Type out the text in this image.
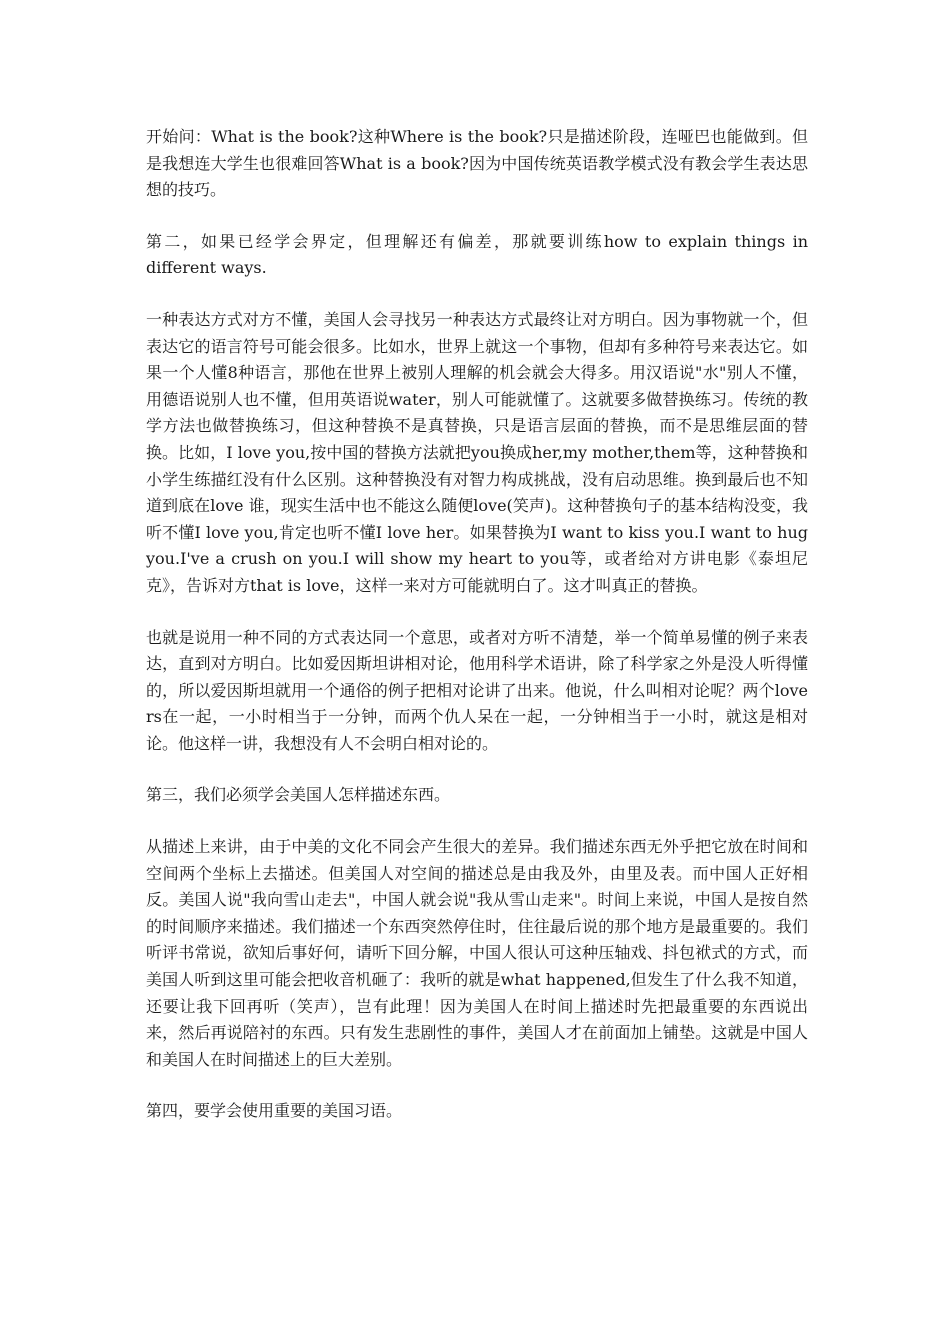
开始问：What is the book?这种Where is the book?只是描述阶段，连哑巴也能做到。但是我想连大学生也很难回答What is a book?因为中国传统英语教学模式没有教会学生表达思想的技巧。

第二，如果已经学会界定，但理解还有偏差，那就要训练how to explain things in different ways.

一种表达方式对方不懂，美国人会寻找另一种表达方式最终让对方明白。因为事物就一个，但表达它的语言符号可能会很多。比如水，世界上就这一个事物，但却有多种符号来表达它。如果一个人懂8种语言，那他在世界上被别人理解的机会就会大得多。用汉语说"水"别人不懂，用德语说别人也不懂，但用英语说water，别人可能就懂了。这就要多做替换练习。传统的教学方法也做替换练习，但这种替换不是真替换，只是语言层面的替换，而不是思维层面的替换。比如，I love you,按中国的替换方法就把you换成her,my mother,them等，这种替换和小学生练描红没有什么区别。这种替换没有对智力构成挑战，没有启动思维。换到最后也不知道到底在love 谁，现实生活中也不能这么随便love(笑声)。这种替换句子的基本结构没变，我听不懂I love you,肯定也听不懂I love her。如果替换为I want to kiss you.I want to hug you.I've a crush on you.I will show my heart to you等，或者给对方讲电影《泰坦尼克》，告诉对方that is love，这样一来对方可能就明白了。这才叫真正的替换。

也就是说用一种不同的方式表达同一个意思，或者对方听不清楚，举一个简单易懂的例子来表达，直到对方明白。比如爱因斯坦讲相对论，他用科学术语讲，除了科学家之外是没人听得懂的，所以爱因斯坦就用一个通俗的例子把相对论讲了出来。他说，什么叫相对论呢？两个lovers在一起，一小时相当于一分钟，而两个仇人呆在一起，一分钟相当于一小时，就这是相对论。他这样一讲，我想没有人不会明白相对论的。

第三，我们必须学会美国人怎样描述东西。

从描述上来讲，由于中美的文化不同会产生很大的差异。我们描述东西无外乎把它放在时间和空间两个坐标上去描述。但美国人对空间的描述总是由我及外，由里及表。而中国人正好相反。美国人说"我向雪山走去"，中国人就会说"我从雪山走来"。时间上来说，中国人是按自然的时间顺序来描述。我们描述一个东西突然停住时，住往最后说的那个地方是最重要的。我们听评书常说，欲知后事好何，请听下回分解，中国人很认可这种压轴戏、抖包袱式的方式，而美国人听到这里可能会把收音机砸了：我听的就是what happened,但发生了什么我不知道，还要让我下回再听（笑声），岂有此理！因为美国人在时间上描述时先把最重要的东西说出来，然后再说陪衬的东西。只有发生悲剧性的事件，美国人才在前面加上铺垫。这就是中国人和美国人在时间描述上的巨大差别。

第四，要学会使用重要的美国习语。
